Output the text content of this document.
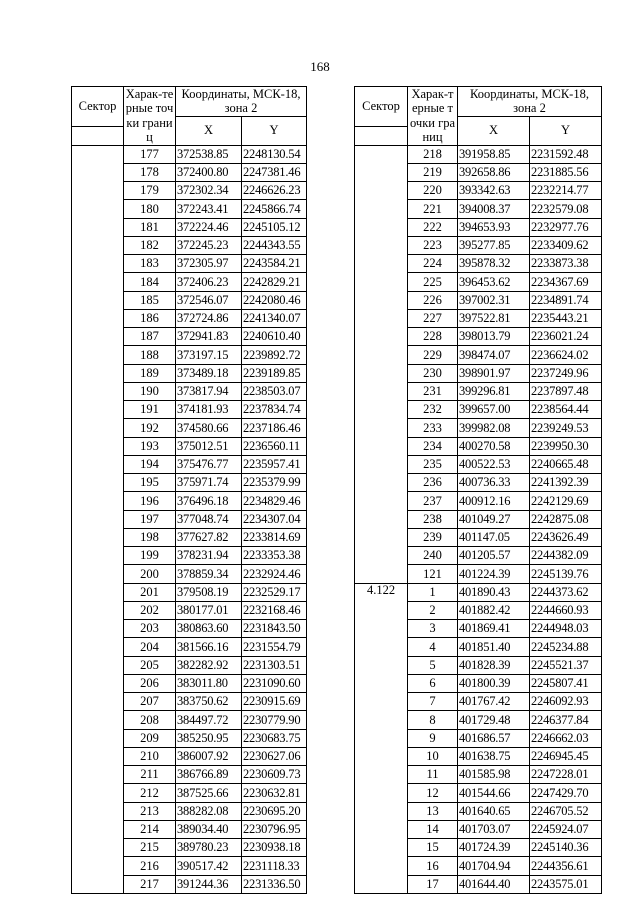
168
Сектор	Харак-терные точки границ	Координаты, МСК-18, зона 2	
		X	Y

	177	372538.85	2248130.54
	178	372400.80	2247381.46
	179	372302.34	2246626.23
	180	372243.41	2245866.74
	181	372224.46	2245105.12
	182	372245.23	2244343.55
	183	372305.97	2243584.21
	184	372406.23	2242829.21
	185	372546.07	2242080.46
	186	372724.86	2241340.07
	187	372941.83	2240610.40
	188	373197.15	2239892.72
	189	373489.18	2239189.85
	190	373817.94	2238503.07
	191	374181.93	2237834.74
	192	374580.66	2237186.46
	193	375012.51	2236560.11
	194	375476.77	2235957.41
	195	375971.74	2235379.99
	196	376496.18	2234829.46
	197	377048.74	2234307.04
	198	377627.82	2233814.69
	199	378231.94	2233353.38
	200	378859.34	2232924.46
	201	379508.19	2232529.17
	202	380177.01	2232168.46
	203	380863.60	2231843.50
	204	381566.16	2231554.79
	205	382282.92	2231303.51
	206	383011.80	2231090.60
	207	383750.62	2230915.69
	208	384497.72	2230779.90
	209	385250.95	2230683.75
	210	386007.92	2230627.06
	211	386766.89	2230609.73
	212	387525.66	2230632.81
	213	388282.08	2230695.20
	214	389034.40	2230796.95
	215	389780.23	2230938.18
	216	390517.42	2231118.33
	217	391244.36	2231336.50
Сектор	Харак-терные точки границ	Координаты, МСК-18, зона 2	
		X	Y

	218	391958.85	2231592.48
	219	392658.86	2231885.56
	220	393342.63	2232214.77
	221	394008.37	2232579.08
	222	394653.93	2232977.76
	223	395277.85	2233409.62
	224	395878.32	2233873.38
	225	396453.62	2234367.69
	226	397002.31	2234891.74
	227	397522.81	2235443.21
	228	398013.79	2236021.24
	229	398474.07	2236624.02
	230	398901.97	2237249.96
	231	399296.81	2237897.48
	232	399657.00	2238564.44
	233	399982.08	2239249.53
	234	400270.58	2239950.30
	235	400522.53	2240665.48
	236	400736.33	2241392.39
	237	400912.16	2242129.69
	238	401049.27	2242875.08
	239	401147.05	2243626.49
	240	401205.57	2244382.09
	121	401224.39	2245139.76
4.122	1	401890.43	2244373.62
	2	401882.42	2244660.93
	3	401869.41	2244948.03
	4	401851.40	2245234.88
	5	401828.39	2245521.37
	6	401800.39	2245807.41
	7	401767.42	2246092.93
	8	401729.48	2246377.84
	9	401686.57	2246662.03
	10	401638.75	2246945.45
	11	401585.98	2247228.01
	12	401544.66	2247429.70
	13	401640.65	2246705.52
	14	401703.07	2245924.07
	15	401724.39	2245140.36
	16	401704.94	2244356.61
	17	401644.40	2243575.01
